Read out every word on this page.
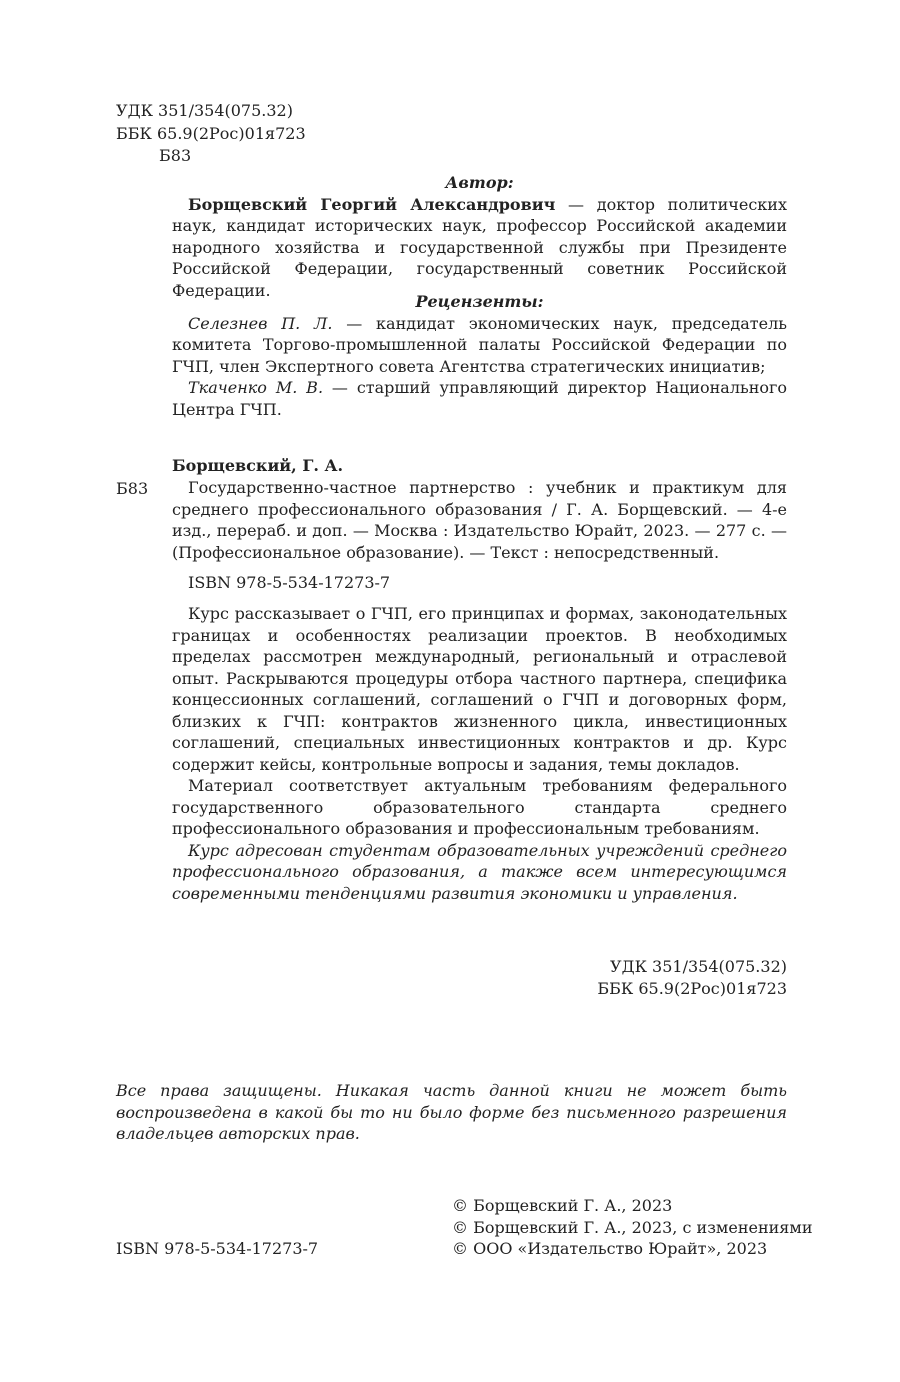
УДК 351/354(075.32)
ББК 65.9(2Рос)01я723
Б83
Автор:

Борщевский Георгий Александрович — доктор политических наук, кандидат исторических наук, профессор Российской академии народного хозяйства и государственной службы при Президенте Российской Федерации, государственный советник Российской Федерации.

Рецензенты:

Селезнев П. Л. — кандидат экономических наук, председатель комитета Торгово-промышленной палаты Российской Федерации по ГЧП, член Экспертного совета Агентства стратегических инициатив;

Ткаченко М. В. — старший управляющий директор Национального Центра ГЧП.

Борщевский, Г. А.
Б83	Государственно-частное партнерство : учебник и практикум для среднего профессионального образования / Г. А. Борщевский. — 4-е изд., перераб. и доп. — Москва : Издательство Юрайт, 2023. — 277 с. — (Профессиональное образование). — Текст : непосредственный.

ISBN 978-5-534-17273-7

Курс рассказывает о ГЧП, его принципах и формах, законодательных границах и особенностях реализации проектов. В необходимых пределах рассмотрен международный, региональный и отраслевой опыт. Раскрываются процедуры отбора частного партнера, специфика концессионных соглашений, соглашений о ГЧП и договорных форм, близких к ГЧП: контрактов жизненного цикла, инвестиционных соглашений, специальных инвестиционных контрактов и др. Курс содержит кейсы, контрольные вопросы и задания, темы докладов.

Материал соответствует актуальным требованиям федерального государственного образовательного стандарта среднего профессионального образования и профессиональным требованиям.

Курс адресован студентам образовательных учреждений среднего профессионального образования, а также всем интересующимся современными тенденциями развития экономики и управления.

УДК 351/354(075.32)
ББК 65.9(2Рос)01я723
Все права защищены. Никакая часть данной книги не может быть воспроизведена в какой бы то ни было форме без письменного разрешения владельцев авторских прав.
© Борщевский Г. А., 2023
© Борщевский Г. А., 2023, с изменениями
© ООО «Издательство Юрайт», 2023
ISBN 978-5-534-17273-7
